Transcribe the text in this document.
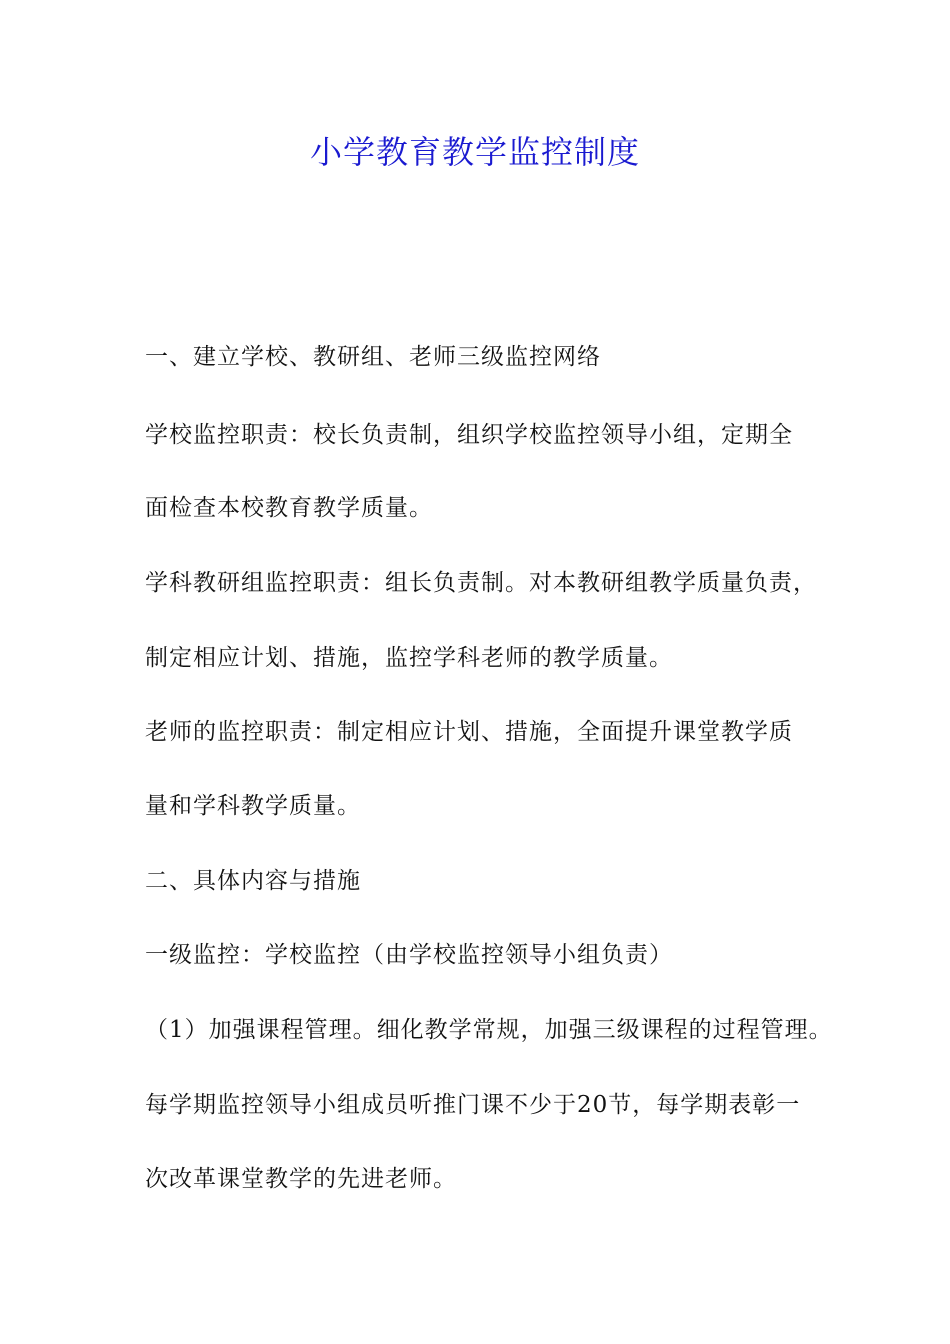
小学教育教学监控制度

一、建立学校、教研组、老师三级监控网络

学校监控职责：校长负责制，组织学校监控领导小组，定期全

面检查本校教育教学质量。

学科教研组监控职责：组长负责制。对本教研组教学质量负责，

制定相应计划、措施，监控学科老师的教学质量。

老师的监控职责：制定相应计划、措施，全面提升课堂教学质

量和学科教学质量。

二、具体内容与措施

一级监控：学校监控（由学校监控领导小组负责）

（1）加强课程管理。细化教学常规，加强三级课程的过程管理。

每学期监控领导小组成员听推门课不少于20节，每学期表彰一

次改革课堂教学的先进老师。
